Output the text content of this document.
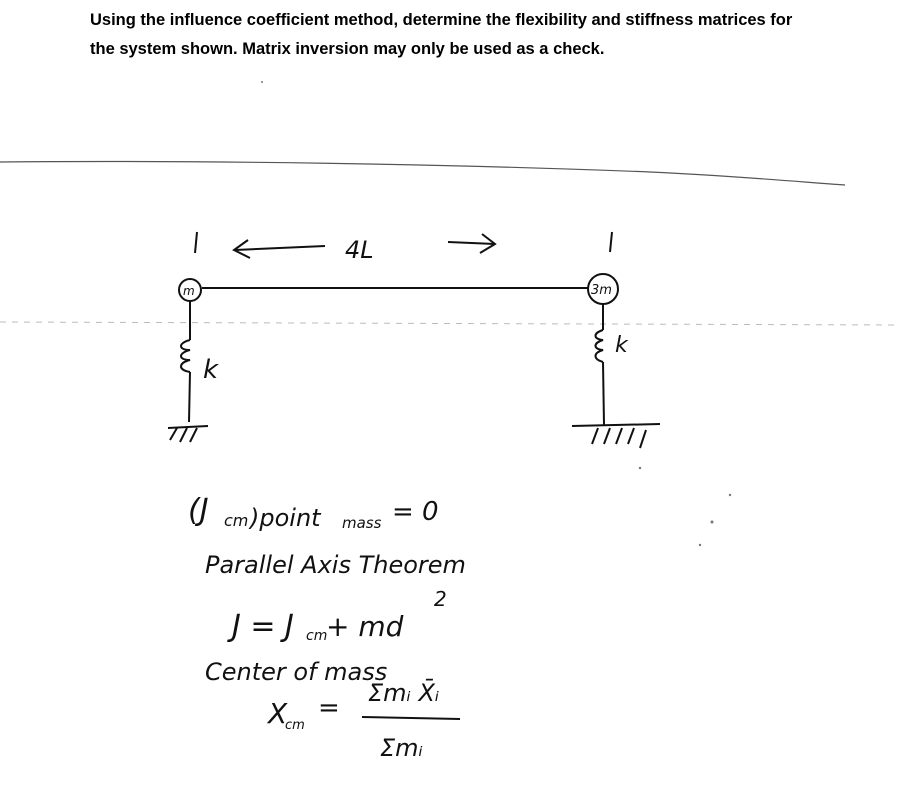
Using the influence coefficient method, determine the flexibility and stiffness matrices for the system shown. Matrix inversion may only be used as a check.

4L
m	3m
k
k
(J cm )point mass = 0
Parallel Axis Theorem
J = J cm
+ md
2
Center of mass
X
cm
= Σmᵢ X̄ᵢ
Σmᵢ
